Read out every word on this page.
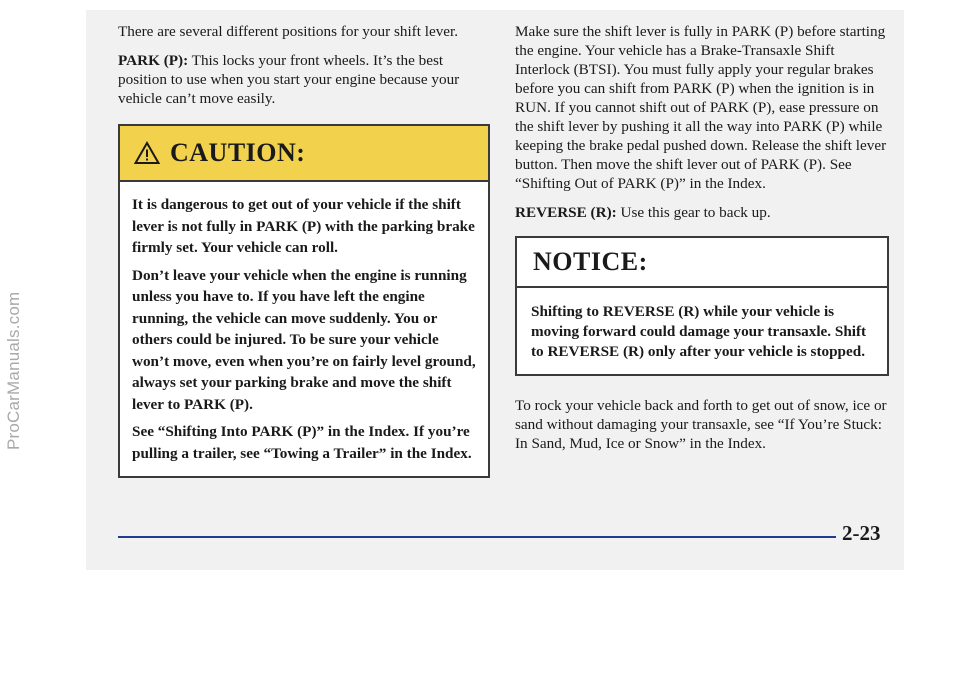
ProCarManuals.com

There are several different positions for your shift lever.

PARK (P): This locks your front wheels. It’s the best position to use when you start your engine because your vehicle can’t move easily.

CAUTION:

It is dangerous to get out of your vehicle if the shift lever is not fully in PARK (P) with the parking brake firmly set. Your vehicle can roll.

Don’t leave your vehicle when the engine is running unless you have to. If you have left the engine running, the vehicle can move suddenly. You or others could be injured. To be sure your vehicle won’t move, even when you’re on fairly level ground, always set your parking brake and move the shift lever to PARK (P).

See “Shifting Into PARK (P)” in the Index. If you’re pulling a trailer, see “Towing a Trailer” in the Index.

Make sure the shift lever is fully in PARK (P) before starting the engine. Your vehicle has a Brake-Transaxle Shift Interlock (BTSI). You must fully apply your regular brakes before you can shift from PARK (P) when the ignition is in RUN. If you cannot shift out of PARK (P), ease pressure on the shift lever by pushing it all the way into PARK (P) while keeping the brake pedal pushed down. Release the shift lever button. Then move the shift lever out of PARK (P). See “Shifting Out of PARK (P)” in the Index.

REVERSE (R): Use this gear to back up.

NOTICE:

Shifting to REVERSE (R) while your vehicle is moving forward could damage your transaxle. Shift to REVERSE (R) only after your vehicle is stopped.

To rock your vehicle back and forth to get out of snow, ice or sand without damaging your transaxle, see “If You’re Stuck: In Sand, Mud, Ice or Snow” in the Index.

2-23
